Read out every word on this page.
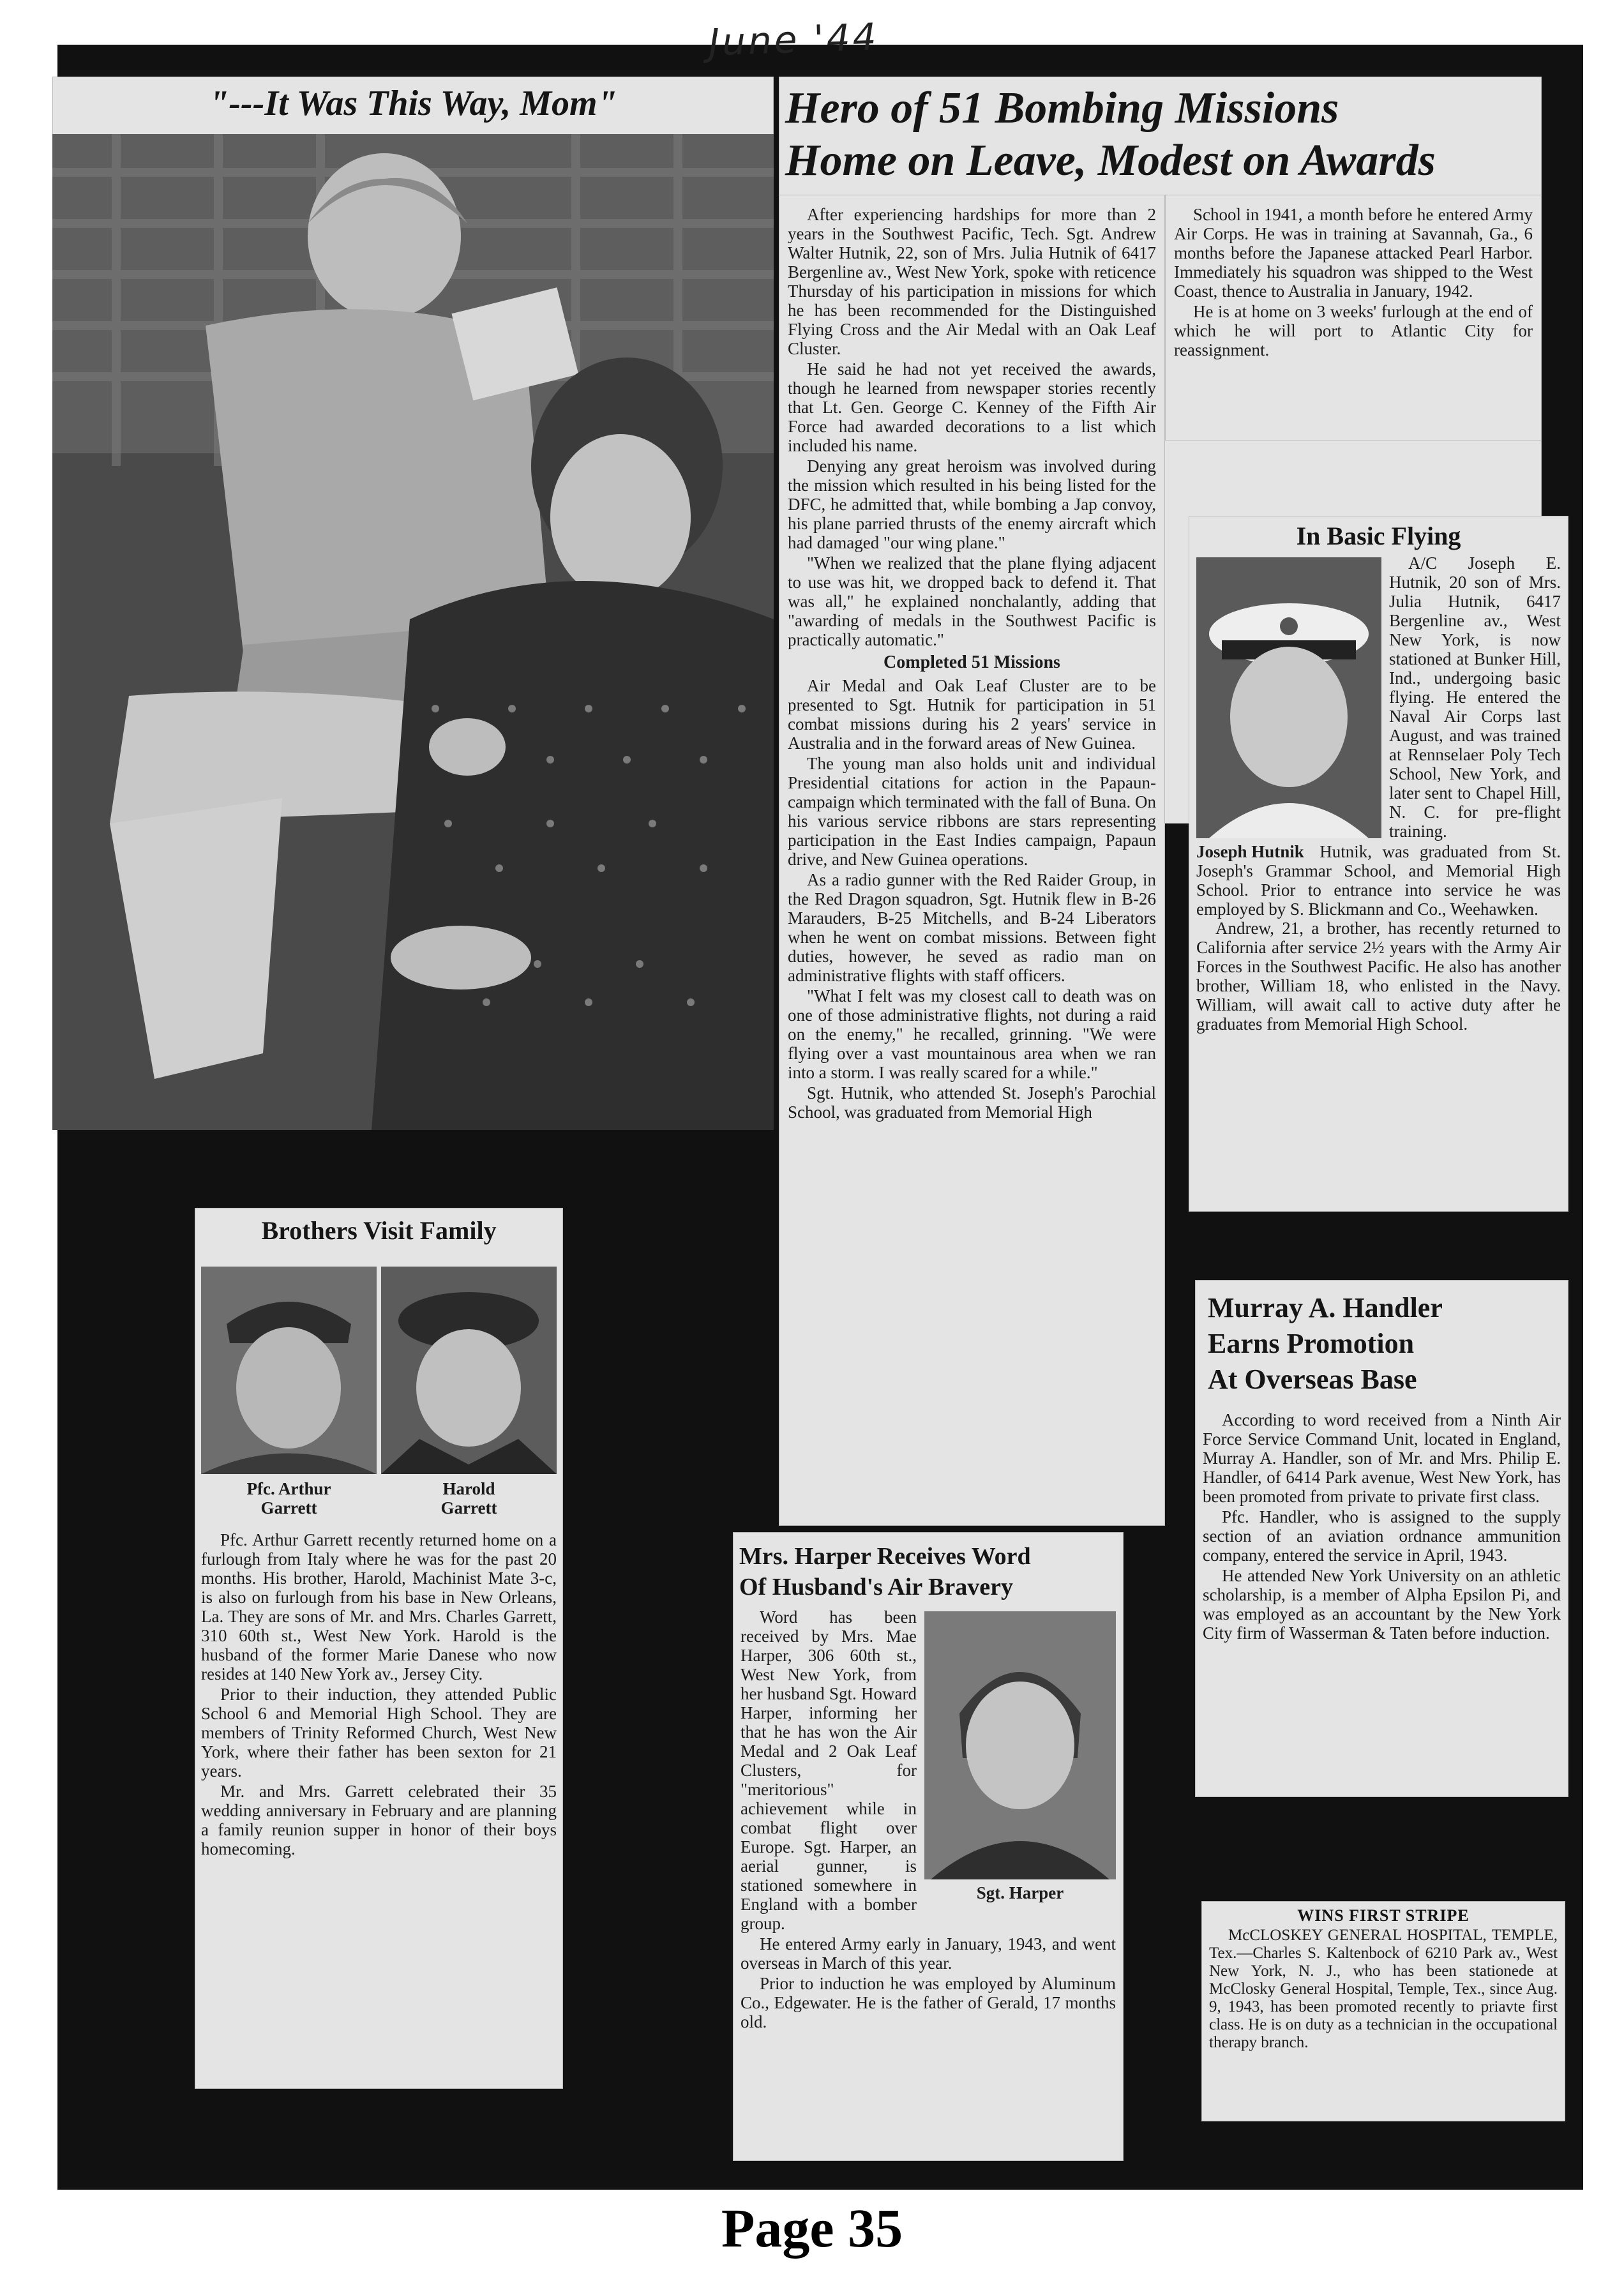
June '44
"---It Was This Way, Mom"	Hero of 51 Bombing Missions
Home on Leave, Modest on Awards

After experiencing hardships for more than 2 years in the Southwest Pacific, Tech. Sgt. Andrew Walter Hutnik, 22, son of Mrs. Julia Hutnik of 6417 Bergenline av., West New York, spoke with reticence Thursday of his participation in missions for which he has been recommended for the Distinguished Flying Cross and the Air Medal with an Oak Leaf Cluster.

He said he had not yet received the awards, though he learned from newspaper stories recently that Lt. Gen. George C. Kenney of the Fifth Air Force had awarded decorations to a list which included his name.

Denying any great heroism was involved during the mission which resulted in his being listed for the DFC, he admitted that, while bombing a Jap convoy, his plane parried thrusts of the enemy aircraft which had damaged "our wing plane."

"When we realized that the plane flying adjacent to use was hit, we dropped back to defend it. That was all," he explained nonchalantly, adding that "awarding of medals in the Southwest Pacific is practically automatic."

Completed 51 Missions

Air Medal and Oak Leaf Cluster are to be presented to Sgt. Hutnik for participation in 51 combat missions during his 2 years' service in Australia and in the forward areas of New Guinea.

The young man also holds unit and individual Presidential citations for action in the Papaun-campaign which terminated with the fall of Buna. On his various service ribbons are stars representing participation in the East Indies campaign, Papaun drive, and New Guinea operations.

As a radio gunner with the Red Raider Group, in the Red Dragon squadron, Sgt. Hutnik flew in B-26 Marauders, B-25 Mitchells, and B-24 Liberators when he went on combat missions. Between fight duties, however, he seved as radio man on administrative flights with staff officers.

"What I felt was my closest call to death was on one of those administrative flights, not during a raid on the enemy," he recalled, grinning. "We were flying over a vast mountainous area when we ran into a storm. I was really scared for a while."

Sgt. Hutnik, who attended St. Joseph's Parochial School, was graduated from Memorial High

School in 1941, a month before he entered Army Air Corps. He was in training at Savannah, Ga., 6 months before the Japanese attacked Pearl Harbor. Immediately his squadron was shipped to the West Coast, thence to Australia in January, 1942.

He is at home on 3 weeks' furlough at the end of which he will port to Atlantic City for reassignment.

In Basic Flying

A/C Joseph E. Hutnik, 20 son of Mrs. Julia Hutnik, 6417 Bergenline av., West New York, is now stationed at Bunker Hill, Ind., undergoing basic flying. He entered the Naval Air Corps last August, and was trained at Rennselaer Poly Tech School, New York, and later sent to Chapel Hill, N. C. for pre-flight training.

Joseph Hutnik Hutnik, was graduated from St. Joseph's Grammar School, and Memorial High School. Prior to entrance into service he was employed by S. Blickmann and Co., Weehawken.

Andrew, 21, a brother, has recently returned to California after service 2½ years with the Army Air Forces in the Southwest Pacific. He also has another brother, William 18, who enlisted in the Navy. William, will await call to active duty after he graduates from Memorial High School.

Murray A. Handler
Earns Promotion
At Overseas Base

According to word received from a Ninth Air Force Service Command Unit, located in England, Murray A. Handler, son of Mr. and Mrs. Philip E. Handler, of 6414 Park avenue, West New York, has been promoted from private to private first class.

Pfc. Handler, who is assigned to the supply section of an aviation ordnance ammunition company, entered the service in April, 1943.

He attended New York University on an athletic scholarship, is a member of Alpha Epsilon Pi, and was employed as an accountant by the New York City firm of Wasserman & Taten before induction.

Brothers Visit Family
Pfc. Arthur
Garrett
Harold
Garrett

Pfc. Arthur Garrett recently returned home on a furlough from Italy where he was for the past 20 months. His brother, Harold, Machinist Mate 3-c, is also on furlough from his base in New Orleans, La. They are sons of Mr. and Mrs. Charles Garrett, 310 60th st., West New York. Harold is the husband of the former Marie Danese who now resides at 140 New York av., Jersey City.

Prior to their induction, they attended Public School 6 and Memorial High School. They are members of Trinity Reformed Church, West New York, where their father has been sexton for 21 years.

Mr. and Mrs. Garrett celebrated their 35 wedding anniversary in February and are planning a family reunion supper in honor of their boys homecoming.

Mrs. Harper Receives Word
Of Husband's Air Bravery
Sgt. Harper

Word has been received by Mrs. Mae Harper, 306 60th st., West New York, from her husband Sgt. Howard Harper, informing her that he has won the Air Medal and 2 Oak Leaf Clusters, for "meritorious" achievement while in combat flight over Europe. Sgt. Harper, an aerial gunner, is stationed somewhere in England with a bomber group.

He entered Army early in January, 1943, and went overseas in March of this year.

Prior to induction he was employed by Aluminum Co., Edgewater. He is the father of Gerald, 17 months old.

WINS FIRST STRIPE

McCLOSKEY GENERAL HOSPITAL, TEMPLE, Tex.—Charles S. Kaltenbock of 6210 Park av., West New York, N. J., who has been stationede at McClosky General Hospital, Temple, Tex., since Aug. 9, 1943, has been promoted recently to priavte first class. He is on duty as a technician in the occupational therapy branch.

Page 35
